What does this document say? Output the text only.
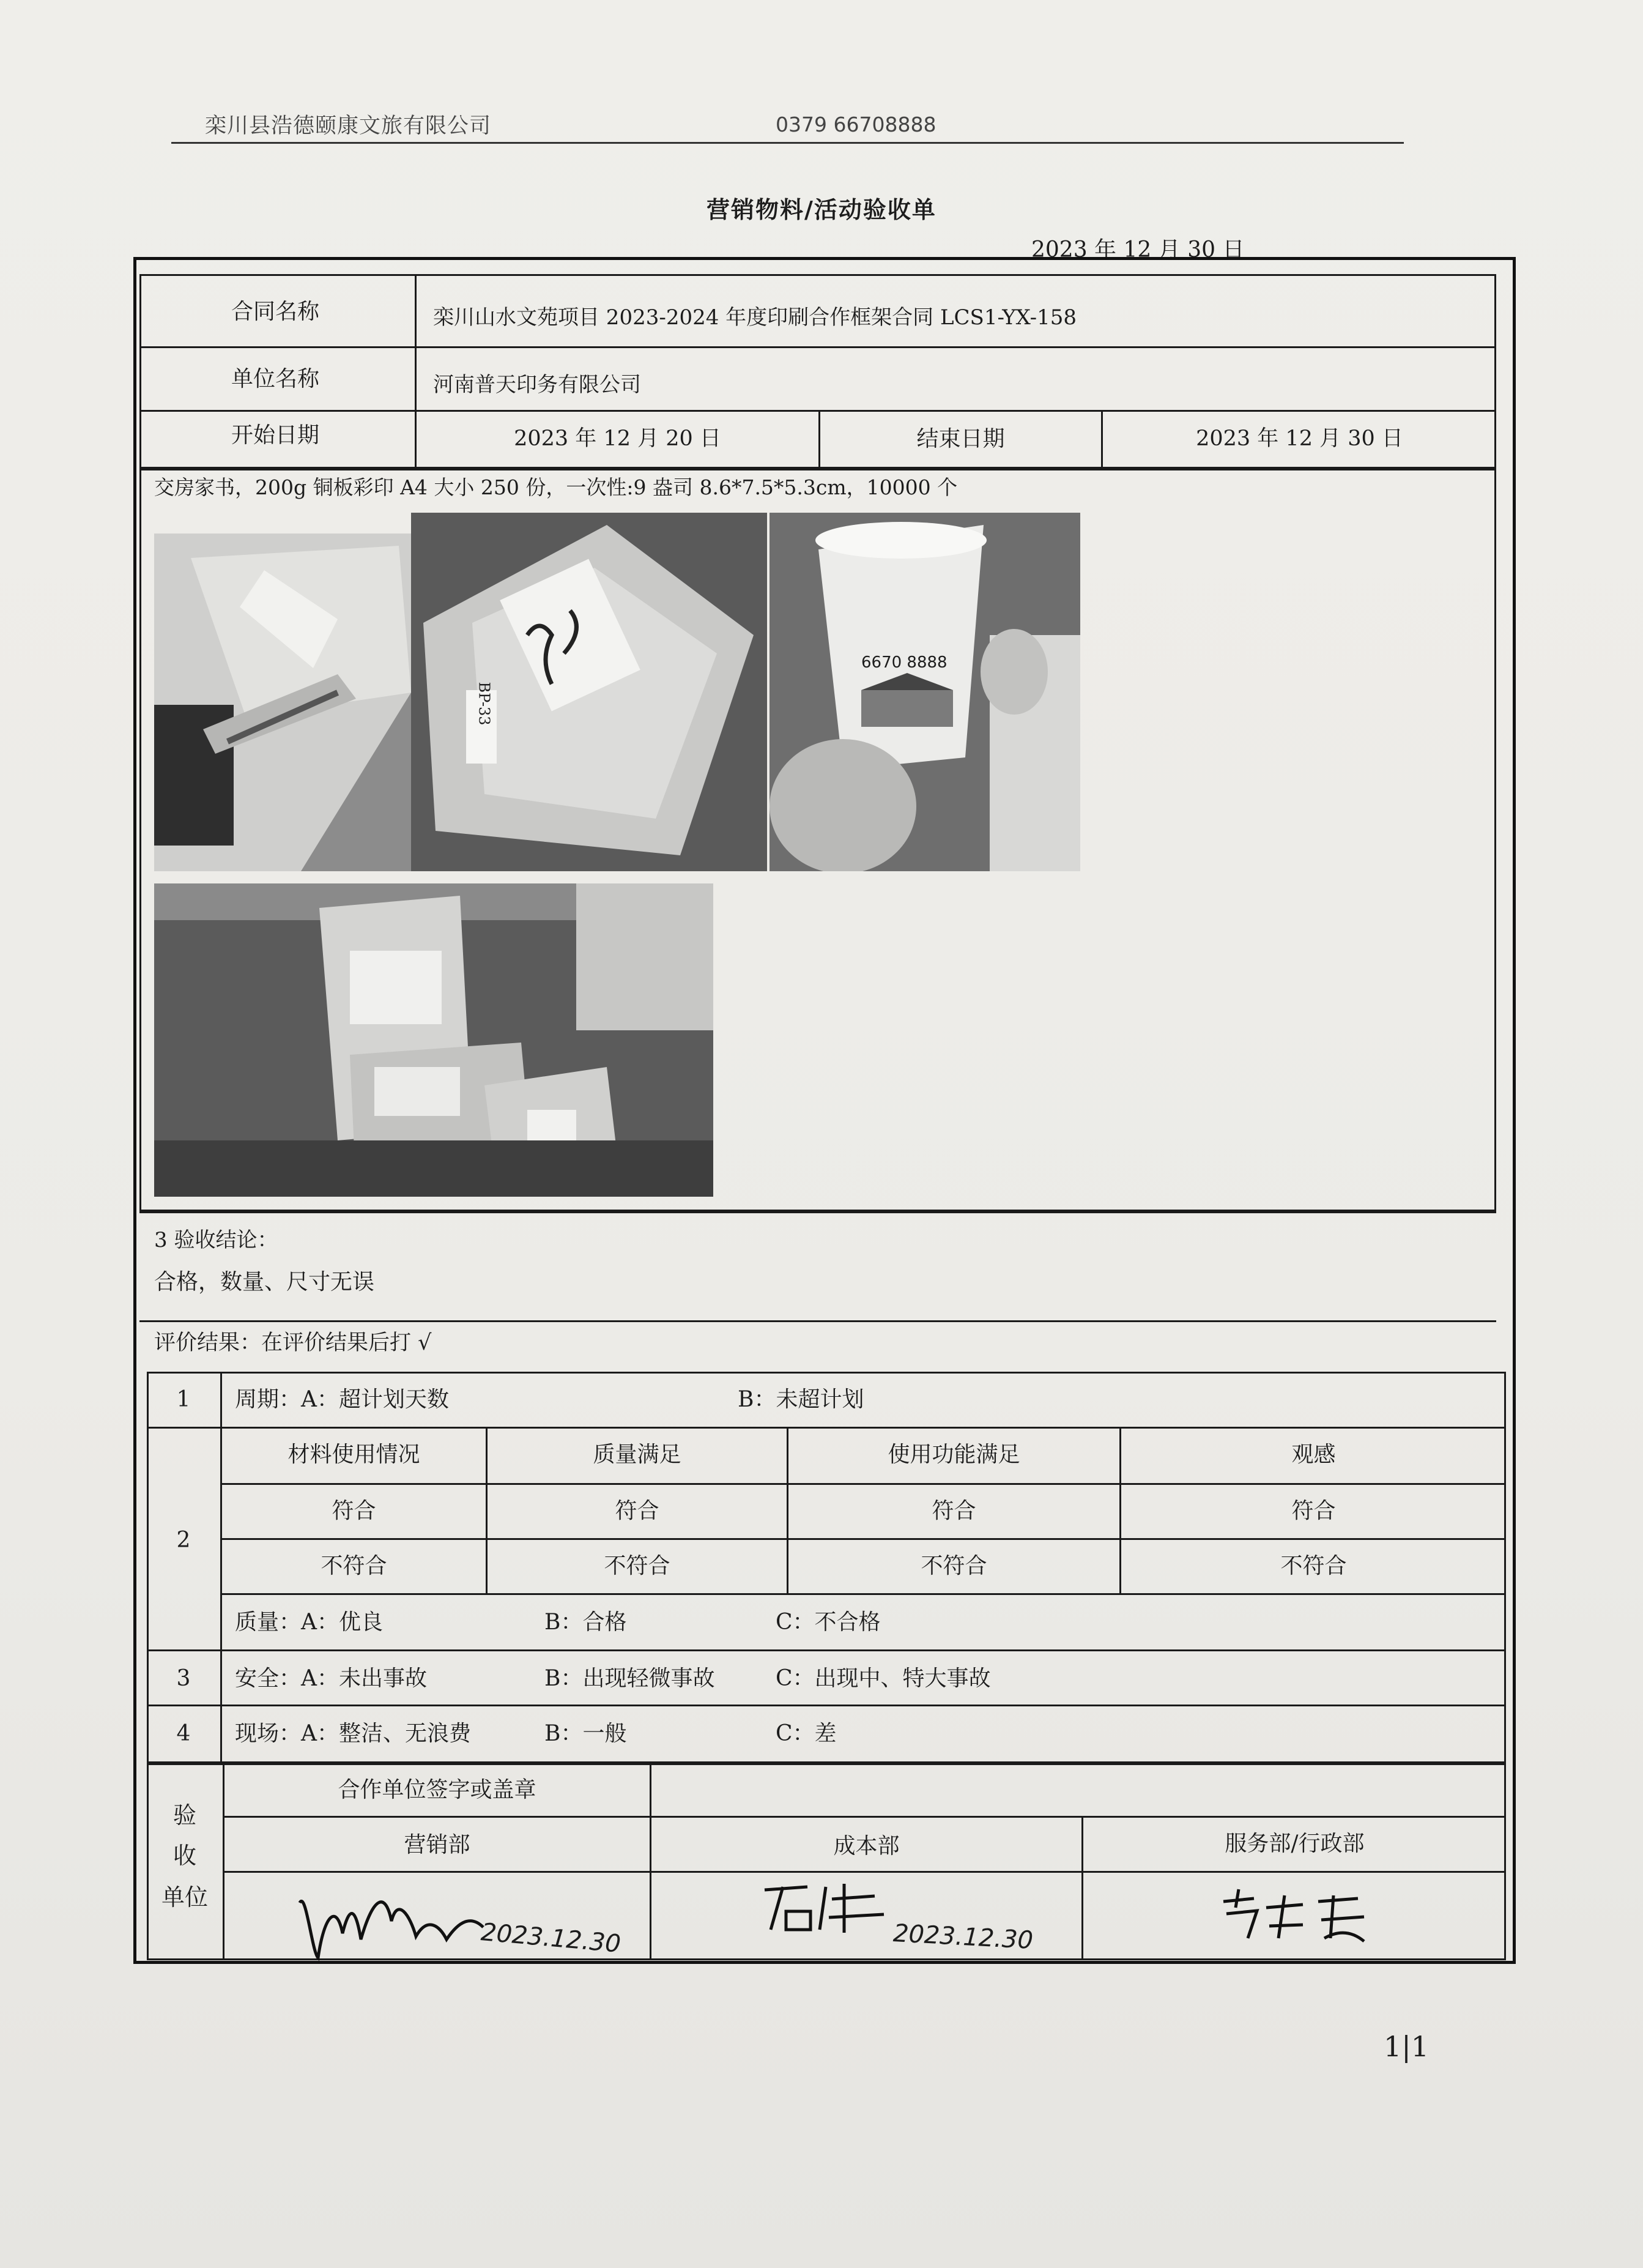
栾川县浩德颐康文旅有限公司	0379 66708888
营销物料/活动验收单
2023 年 12 月 30 日
合同名称	栾川山水文苑项目 2023-2024 年度印刷合作框架合同 LCS1-YX-158
单位名称	河南普天印务有限公司
开始日期	2023 年 12 月 20 日	结束日期	2023 年 12 月 30 日
交房家书，200g 铜板彩印 A4 大小 250 份，一次性:9 盎司 8.6*7.5*5.3cm，10000 个
BP-33
6670 8888
3 验收结论：
合格，数量、尺寸无误
评价结果：在评价结果后打 √
1	周期：A：超计划天数	B：未超计划
2
材料使用情况	质量满足	使用功能满足	观感
符合	符合	符合	符合
不符合	不符合	不符合	不符合
质量：A：优良	B：合格	C：不合格
3	安全：A：未出事故	B：出现轻微事故	C：出现中、特大事故
4	现场：A：整洁、无浪费	B：一般	C：差
验
收
单位
合作单位签字或盖章
营销部	成本部	服务部/行政部
2023.12.30	2023.12.30
1|1
